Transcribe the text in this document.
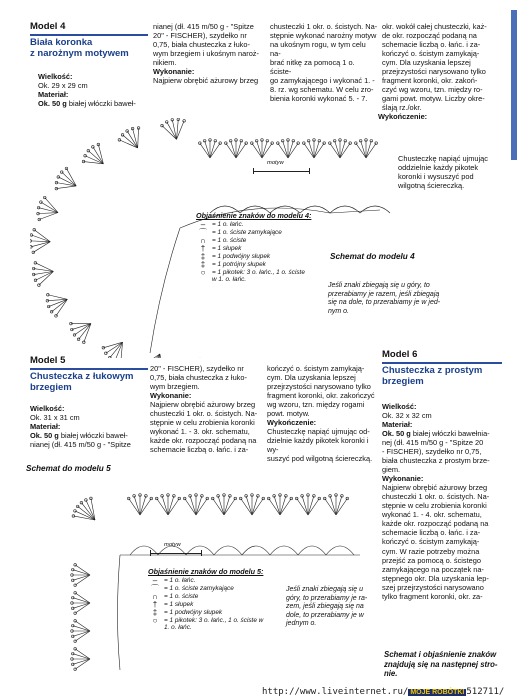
Model 4
Biała koronka
z narożnym motywem

Wielkość:

Ok. 29 x 29 cm

Materiał:

Ok. 50 g białej włóczki baweł-

nianej (dł. 415 m/50 g - "Spitze

20" - FISCHER), szydełko nr

0,75, biała chusteczka z łuko-

wym brzegiem i ukośnym naroż-

nikiem.

Wykonanie:

Najpierw obrębić ażurowy brzeg

chusteczki 1 okr. o. ścistych. Na-

stępnie wykonać narożny motyw

na ukośnym rogu, w tym celu na-

brać nitkę za pomocą 1 o. ściste-

go zamykającego i wykonać 1. -

8. rz. wg schematu. W celu zro-

bienia koronki wykonać 5. - 7.

okr. wokół całej chusteczki, każ-

de okr. rozpocząć podaną na

schemacie liczbą o. łańc. i za-

kończyć o. ścistym zamykają-

cym. Dla uzyskania lepszej

przejrzystości narysowano tylko

fragment koronki, okr. zakoń-

czyć wg wzoru, tzn. między ro-

gami powt. motyw. Liczby okre-

ślają rz./okr.

Wykończenie:

Chusteczkę napiąć ujmując

oddzielnie każdy pikotek

koronki i wysuszyć pod

wilgotną ściereczką.

motyw
Objaśnienie znaków do modelu 4:
–	= 1 o. łańc.
⌒ = 1 o. ściste zamykające
∩ = 1 o. ściste
†	= 1 słupek
‡	= 1 podwójny słupek
‡	= 1 potrójny słupek
○	= 1 pikotek: 3 o. łańc., 1 o. ściste
w 1. o. łańc.
Schemat do modelu 4

Jeśli znaki zbiegają się u góry, to

przerabiamy je razem, jeśli zbiegają

się na dole, to przerabiamy je w jed-

nym o.

Model 5
Chusteczka z łukowym
brzegiem

Wielkość:

Ok. 31 x 31 cm

Materiał:

Ok. 50 g białej włóczki baweł-

nianej (dł. 415 m/50 g - "Spitze

Schemat do modelu 5

20" - FISCHER), szydełko nr

0,75, biała chusteczka z łuko-

wym brzegiem.

Wykonanie:

Najpierw obrębić ażurowy brzeg

chusteczki 1 okr. o. ścistych. Na-

stępnie w celu zrobienia koronki

wykonać 1. - 3. okr. schematu,

każde okr. rozpocząć podaną na

schemacie liczbą o. łańc. i za-

kończyć o. ścistym zamykają-

cym. Dla uzyskania lepszej

przejrzystości narysowano tylko

fragment koronki, okr. zakończyć

wg wzoru, tzn. między rogami

powt. motyw.

Wykończenie:

Chusteczkę napiąć ujmując od-

dzielnie każdy pikotek koronki i wy-

suszyć pod wilgotną ściereczką.

motyw
Objaśnienie znaków do modelu 5:
–	= 1 o. łańc.
⌒ = 1 o. ściste zamykające
∩ = 1 o. ściste
†	= 1 słupek
‡	= 1 podwójny słupek
○	= 1 pikotek: 3 o. łańc., 1 o. ściste w
1. o. łańc.

Jeśli znaki zbiegają się u

góry, to przerabiamy je ra-

zem, jeśli zbiegają się na

dole, to przerabiamy je w

jednym o.

Model 6
Chusteczka z prostym
brzegiem

Wielkość:

Ok. 32 x 32 cm

Materiał:

Ok. 50 g białej włóczki bawełnia-

nej (dł. 415 m/50 g - "Spitze 20

- FISCHER), szydełko nr 0,75,

biała chusteczka z prostym brze-

giem.

Wykonanie:

Najpierw obrębić ażurowy brzeg

chusteczki 1 okr. o. ścistych. Na-

stępnie w celu zrobienia koronki

wykonać 1. - 4. okr. schematu,

każde okr. rozpocząć podaną na

schemacie liczbą o. łańc. i za-

kończyć o. ścistym zamykają-

cym. W razie potrzeby można

przejść za pomocą o. ścistego

zamykającego na początek na-

stępnego okr. Dla uzyskania lep-

szej przejrzystości narysowano

tylko fragment koronki, okr. za-

Schemat i objaśnienie znaków

znajdują się na następnej stro-

nie.

http://www.liveinternet.ru/ MOJE ROBÓTKI 512711/
